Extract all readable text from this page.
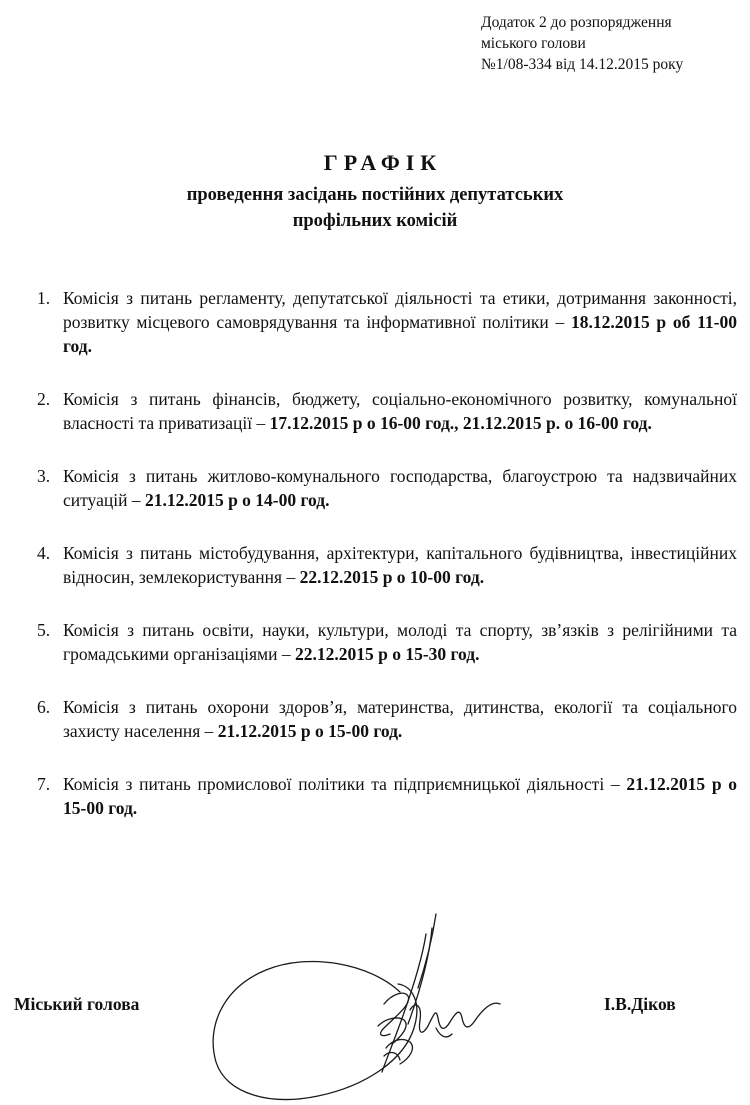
Додаток 2 до розпорядження
міського голови
№1/08-334 від 14.12.2015 року
ГРАФІК
проведення засідань постійних депутатських
профільних комісій
1. Комісія з питань регламенту, депутатської діяльності та етики, дотримання законності, розвитку місцевого самоврядування та інформативної політики – 18.12.2015 р об 11-00 год.
2. Комісія з питань фінансів, бюджету, соціально-економічного розвитку, комунальної власності та приватизації – 17.12.2015 р о 16-00 год., 21.12.2015 р. о 16-00 год.
3. Комісія з питань житлово-комунального господарства, благоустрою та надзвичайних ситуацій – 21.12.2015 р о 14-00 год.
4. Комісія з питань містобудування, архітектури, капітального будівництва, інвестиційних відносин, землекористування – 22.12.2015 р о 10-00 год.
5. Комісія з питань освіти, науки, культури, молоді та спорту, зв’язків з релігійними та громадськими організаціями – 22.12.2015 р о 15-30 год.
6. Комісія з питань охорони здоров’я, материнства, дитинства, екології та соціального захисту населення – 21.12.2015 р о 15-00 год.
7. Комісія з питань промислової політики та підприємницької діяльності – 21.12.2015 р о 15-00 год.
Міський голова	І.В.Діков
